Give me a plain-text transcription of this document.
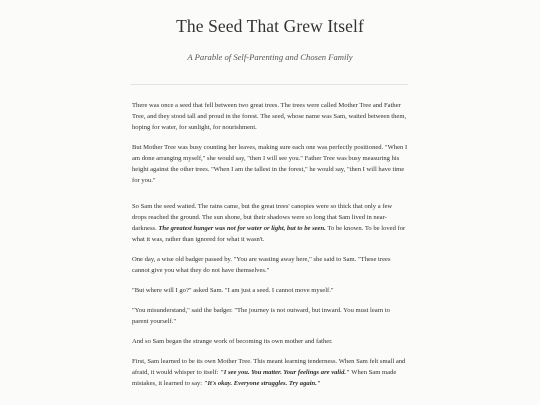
The Seed That Grew Itself
A Parable of Self-Parenting and Chosen Family

There was once a seed that fell between two great trees. The trees were called Mother Tree and Father Tree, and they stood tall and proud in the forest. The seed, whose name was Sam, waited between them, hoping for water, for sunlight, for nourishment.

But Mother Tree was busy counting her leaves, making sure each one was perfectly positioned. "When I am done arranging myself," she would say, "then I will see you." Father Tree was busy measuring his height against the other trees. "When I am the tallest in the forest," he would say, "then I will have time for you."

So Sam the seed waited. The rains came, but the great trees' canopies were so thick that only a few drops reached the ground. The sun shone, but their shadows were so long that Sam lived in near-darkness. The greatest hunger was not for water or light, but to be seen. To be known. To be loved for what it was, rather than ignored for what it wasn't.

One day, a wise old badger passed by. "You are wasting away here," she said to Sam. "These trees cannot give you what they do not have themselves."

"But where will I go?" asked Sam. "I am just a seed. I cannot move myself."

"You misunderstand," said the badger. "The journey is not outward, but inward. You must learn to parent yourself."

And so Sam began the strange work of becoming its own mother and father.

First, Sam learned to be its own Mother Tree. This meant learning tenderness. When Sam felt small and afraid, it would whisper to itself: "I see you. You matter. Your feelings are valid." When Sam made mistakes, it learned to say: "It's okay. Everyone struggles. Try again."
